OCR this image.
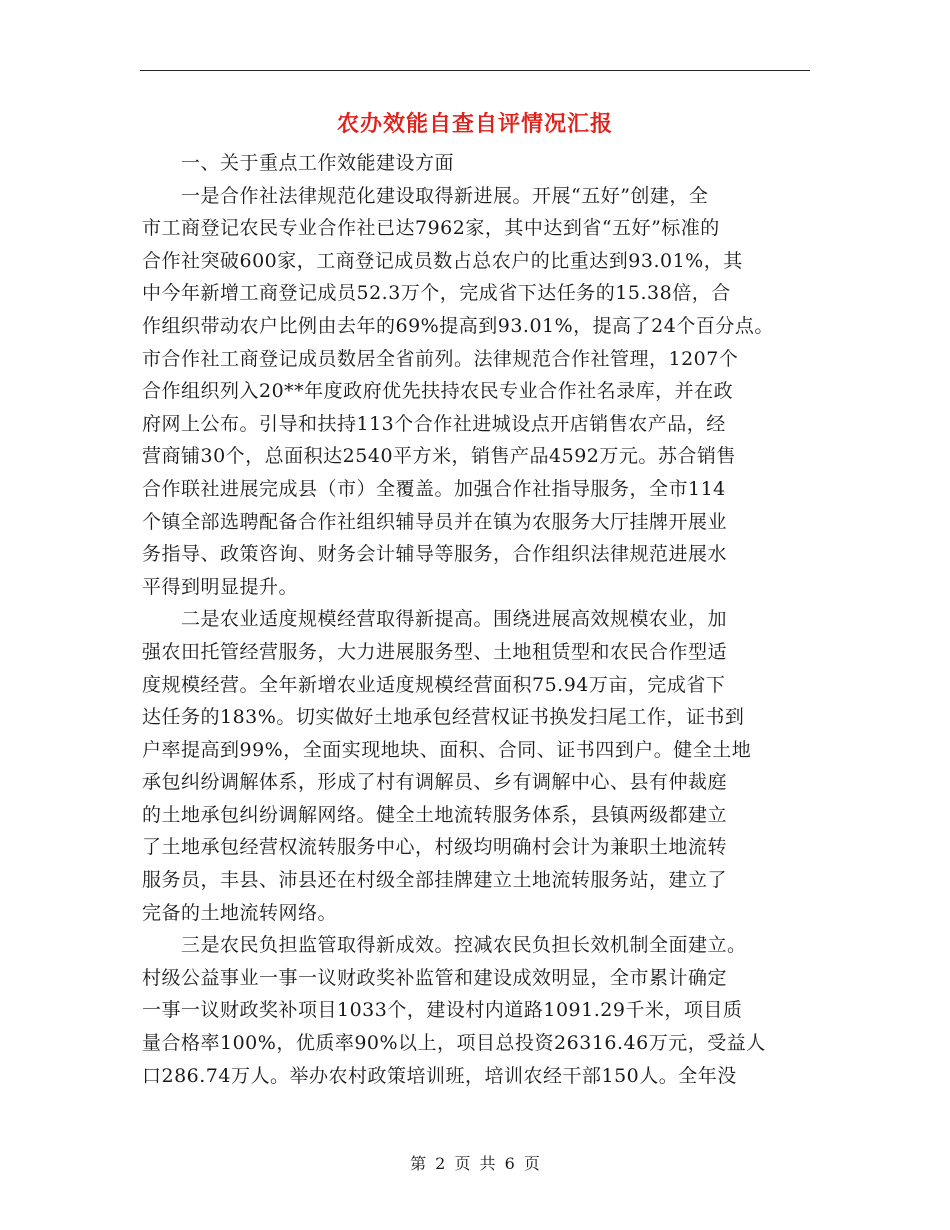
农办效能自查自评情况汇报
　　一、关于重点工作效能建设方面
　　一是合作社法律规范化建设取得新进展。开展“五好”创建，全
市工商登记农民专业合作社已达7962家，其中达到省“五好”标准的
合作社突破600家，工商登记成员数占总农户的比重达到93.01%，其
中今年新增工商登记成员52.3万个，完成省下达任务的15.38倍，合
作组织带动农户比例由去年的69%提高到93.01%，提高了24个百分点。
市合作社工商登记成员数居全省前列。法律规范合作社管理，1207个
合作组织列入20**年度政府优先扶持农民专业合作社名录库，并在政
府网上公布。引导和扶持113个合作社进城设点开店销售农产品，经
营商铺30个，总面积达2540平方米，销售产品4592万元。苏合销售
合作联社进展完成县（市）全覆盖。加强合作社指导服务，全市114
个镇全部选聘配备合作社组织辅导员并在镇为农服务大厅挂牌开展业
务指导、政策咨询、财务会计辅导等服务，合作组织法律规范进展水
平得到明显提升。
　　二是农业适度规模经营取得新提高。围绕进展高效规模农业，加
强农田托管经营服务，大力进展服务型、土地租赁型和农民合作型适
度规模经营。全年新增农业适度规模经营面积75.94万亩，完成省下
达任务的183%。切实做好土地承包经营权证书换发扫尾工作，证书到
户率提高到99%，全面实现地块、面积、合同、证书四到户。健全土地
承包纠纷调解体系，形成了村有调解员、乡有调解中心、县有仲裁庭
的土地承包纠纷调解网络。健全土地流转服务体系，县镇两级都建立
了土地承包经营权流转服务中心，村级均明确村会计为兼职土地流转
服务员，丰县、沛县还在村级全部挂牌建立土地流转服务站，建立了
完备的土地流转网络。
　　三是农民负担监管取得新成效。控减农民负担长效机制全面建立。
村级公益事业一事一议财政奖补监管和建设成效明显，全市累计确定
一事一议财政奖补项目1033个，建设村内道路1091.29千米，项目质
量合格率100%，优质率90%以上，项目总投资26316.46万元，受益人
口286.74万人。举办农村政策培训班，培训农经干部150人。全年没
第 2 页 共 6 页
